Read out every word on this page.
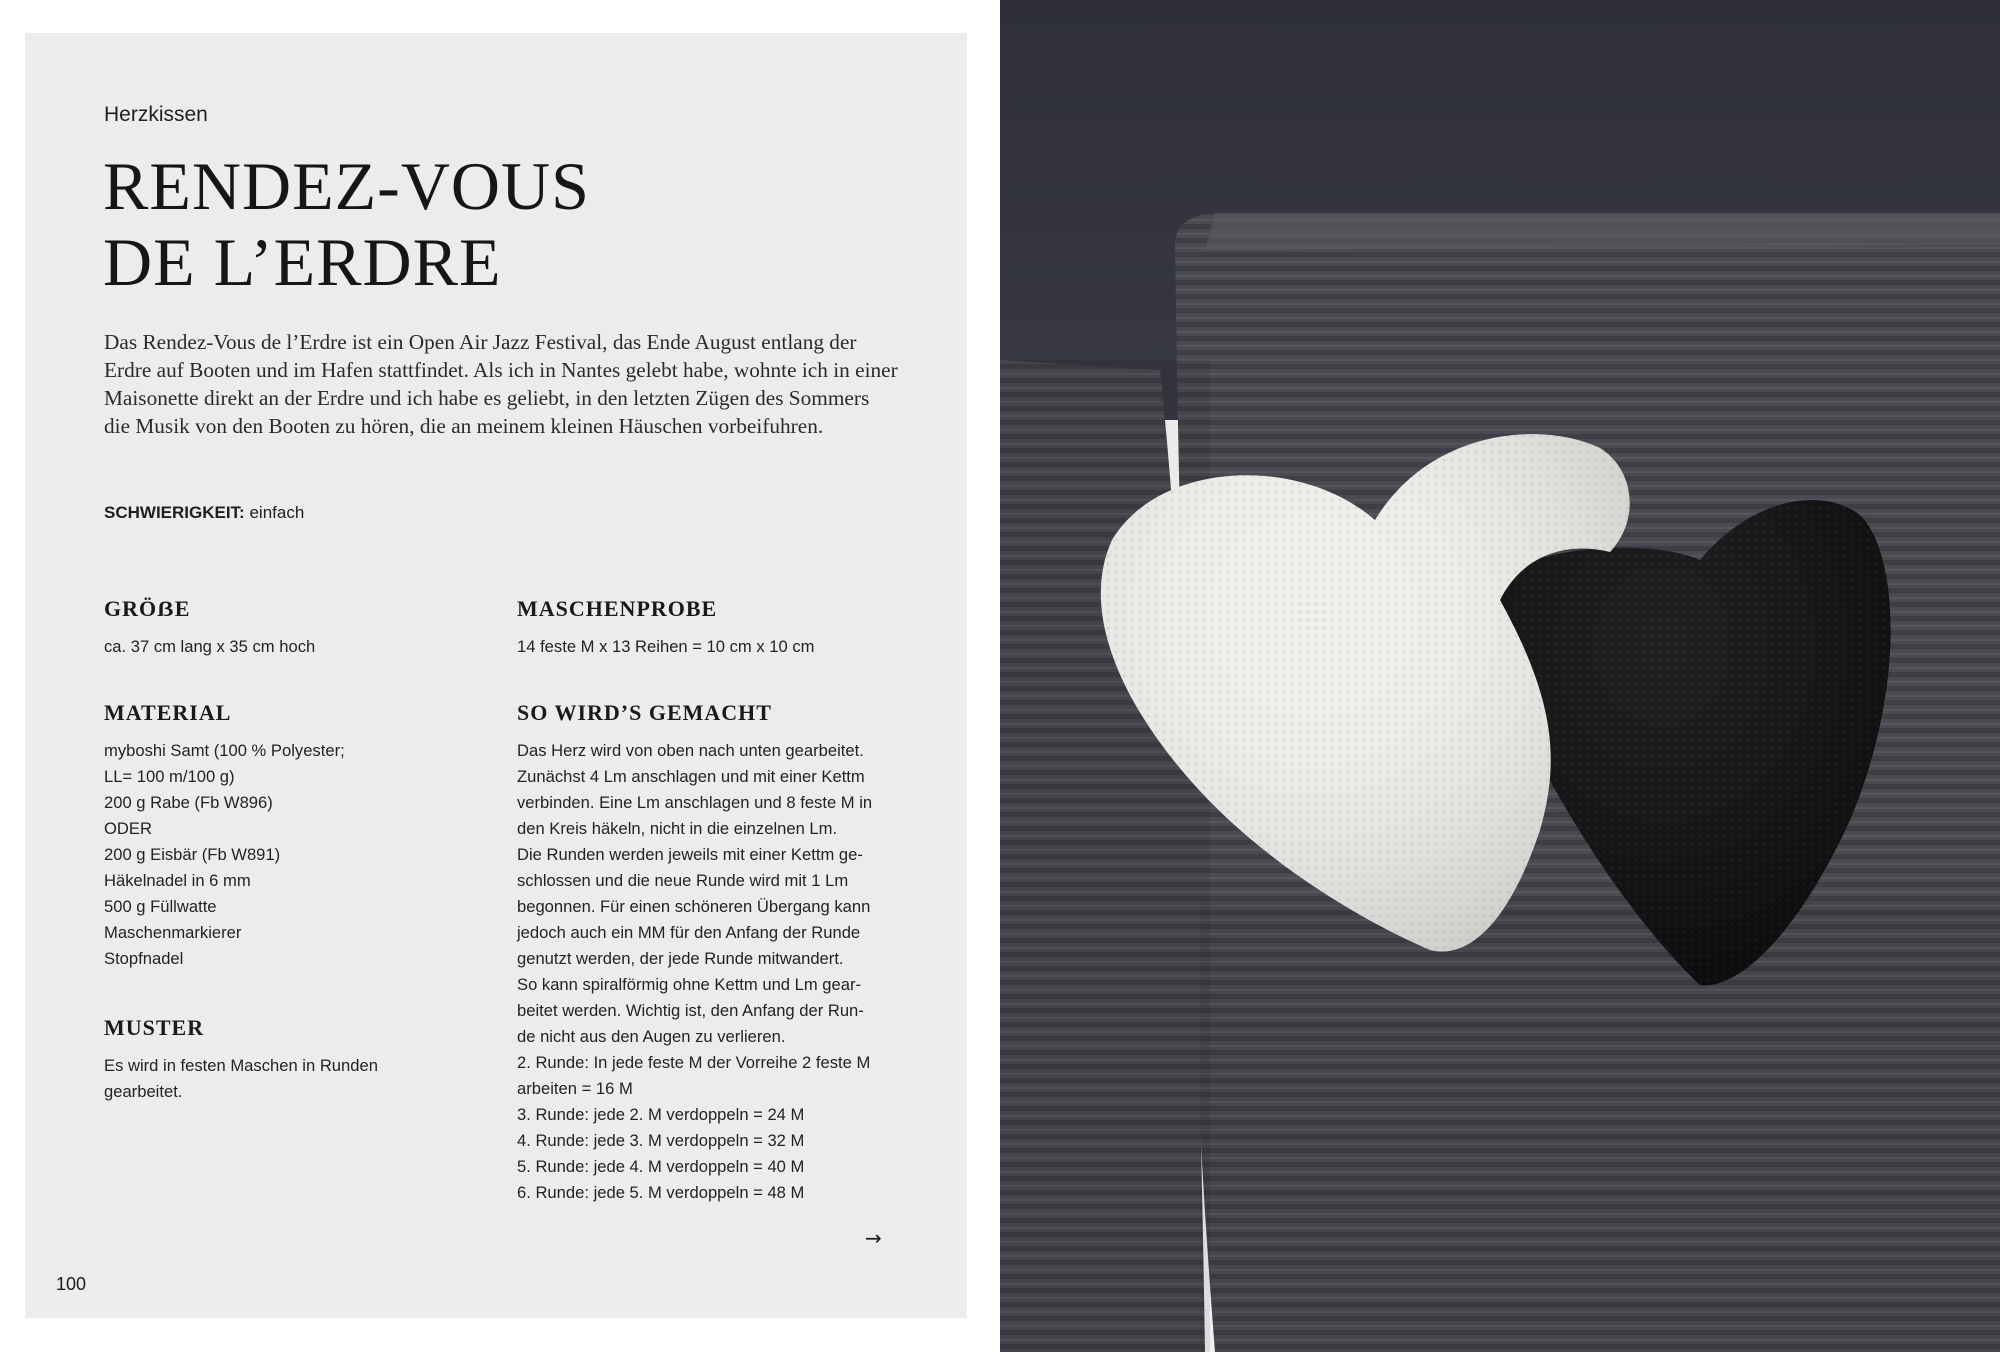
Herzkissen
RENDEZ-VOUS
DE L’ERDRE

Das Rendez-Vous de l’Erdre ist ein Open Air Jazz Festival, das Ende August entlang der Erdre auf Booten und im Hafen stattfindet. Als ich in Nantes gelebt habe, wohnte ich in einer Maisonette direkt an der Erdre und ich habe es geliebt, in den letzten Zügen des Sommers die Musik von den Booten zu hören, die an meinem kleinen Häuschen vorbeifuhren.

SCHWIERIGKEIT: einfach
GRÖẞE
ca. 37 cm lang x 35 cm hoch
MASCHENPROBE
14 feste M x 13 Reihen = 10 cm x 10 cm
MATERIAL
myboshi Samt (100 % Polyester;
LL= 100 m/100 g)
200 g Rabe (Fb W896)
ODER
200 g Eisbär (Fb W891)
Häkelnadel in 6 mm
500 g Füllwatte
Maschenmarkierer
Stopfnadel
MUSTER
Es wird in festen Maschen in Runden
gearbeitet.
SO WIRD’S GEMACHT
Das Herz wird von oben nach unten gearbeitet.
Zunächst 4 Lm anschlagen und mit einer Kettm
verbinden. Eine Lm anschlagen und 8 feste M in
den Kreis häkeln, nicht in die einzelnen Lm.
Die Runden werden jeweils mit einer Kettm ge-
schlossen und die neue Runde wird mit 1 Lm
begonnen. Für einen schöneren Übergang kann
jedoch auch ein MM für den Anfang der Runde
genutzt werden, der jede Runde mitwandert.
So kann spiralförmig ohne Kettm und Lm gear-
beitet werden. Wichtig ist, den Anfang der Run-
de nicht aus den Augen zu verlieren.
2. Runde: In jede feste M der Vorreihe 2 feste M
arbeiten = 16 M
3. Runde: jede 2. M verdoppeln = 24 M
4. Runde: jede 3. M verdoppeln = 32 M
5. Runde: jede 4. M verdoppeln = 40 M
6. Runde: jede 5. M verdoppeln = 48 M
→
100
